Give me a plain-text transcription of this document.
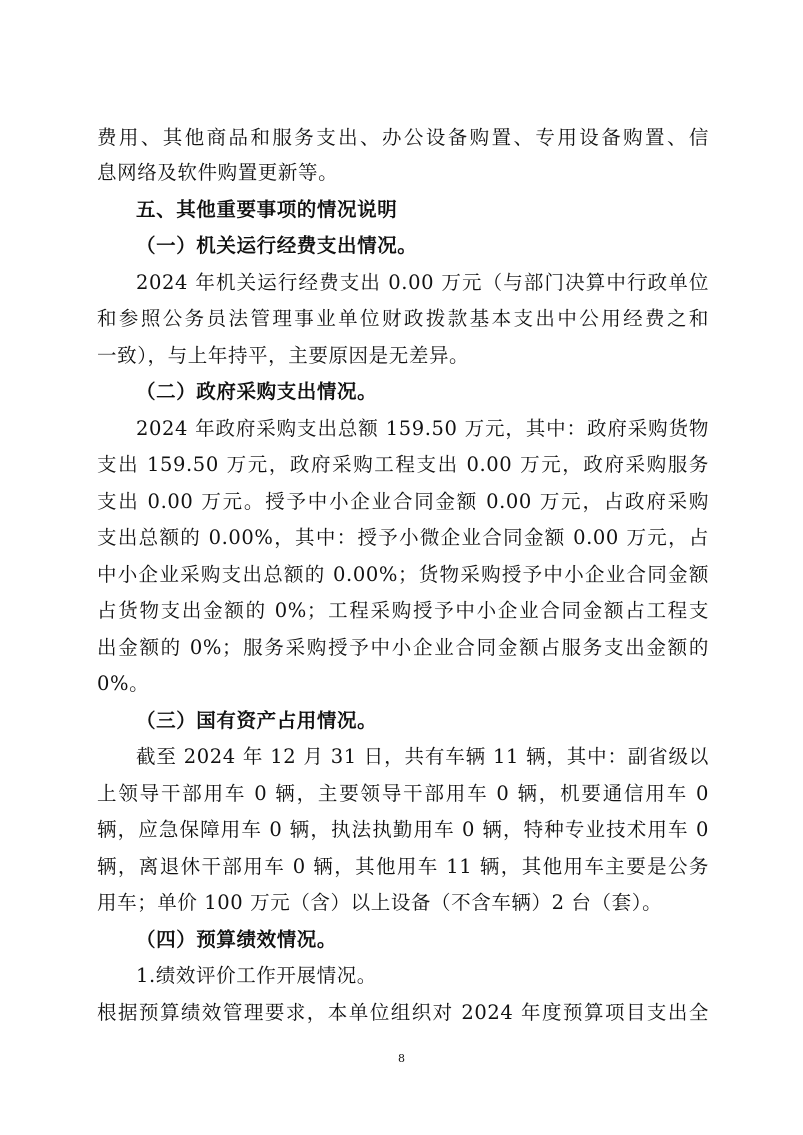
费用、其他商品和服务支出、办公设备购置、专用设备购置、信
息网络及软件购置更新等。
五、其他重要事项的情况说明
（一）机关运行经费支出情况。
2024 年机关运行经费支出 0.00 万元（与部门决算中行政单位
和参照公务员法管理事业单位财政拨款基本支出中公用经费之和
一致），与上年持平，主要原因是无差异。
（二）政府采购支出情况。
2024 年政府采购支出总额 159.50 万元，其中：政府采购货物
支出 159.50 万元，政府采购工程支出 0.00 万元，政府采购服务
支出 0.00 万元。授予中小企业合同金额 0.00 万元，占政府采购
支出总额的 0.00%，其中：授予小微企业合同金额 0.00 万元，占
中小企业采购支出总额的 0.00%；货物采购授予中小企业合同金额
占货物支出金额的 0%；工程采购授予中小企业合同金额占工程支
出金额的 0%；服务采购授予中小企业合同金额占服务支出金额的
0%。
（三）国有资产占用情况。
截至 2024 年 12 月 31 日，共有车辆 11 辆，其中：副省级以
上领导干部用车 0 辆，主要领导干部用车 0 辆，机要通信用车 0
辆，应急保障用车 0 辆，执法执勤用车 0 辆，特种专业技术用车 0
辆，离退休干部用车 0 辆，其他用车 11 辆，其他用车主要是公务
用车；单价 100 万元（含）以上设备（不含车辆）2 台（套）。
（四）预算绩效情况。
1.绩效评价工作开展情况。
根据预算绩效管理要求，本单位组织对 2024 年度预算项目支出全
8
